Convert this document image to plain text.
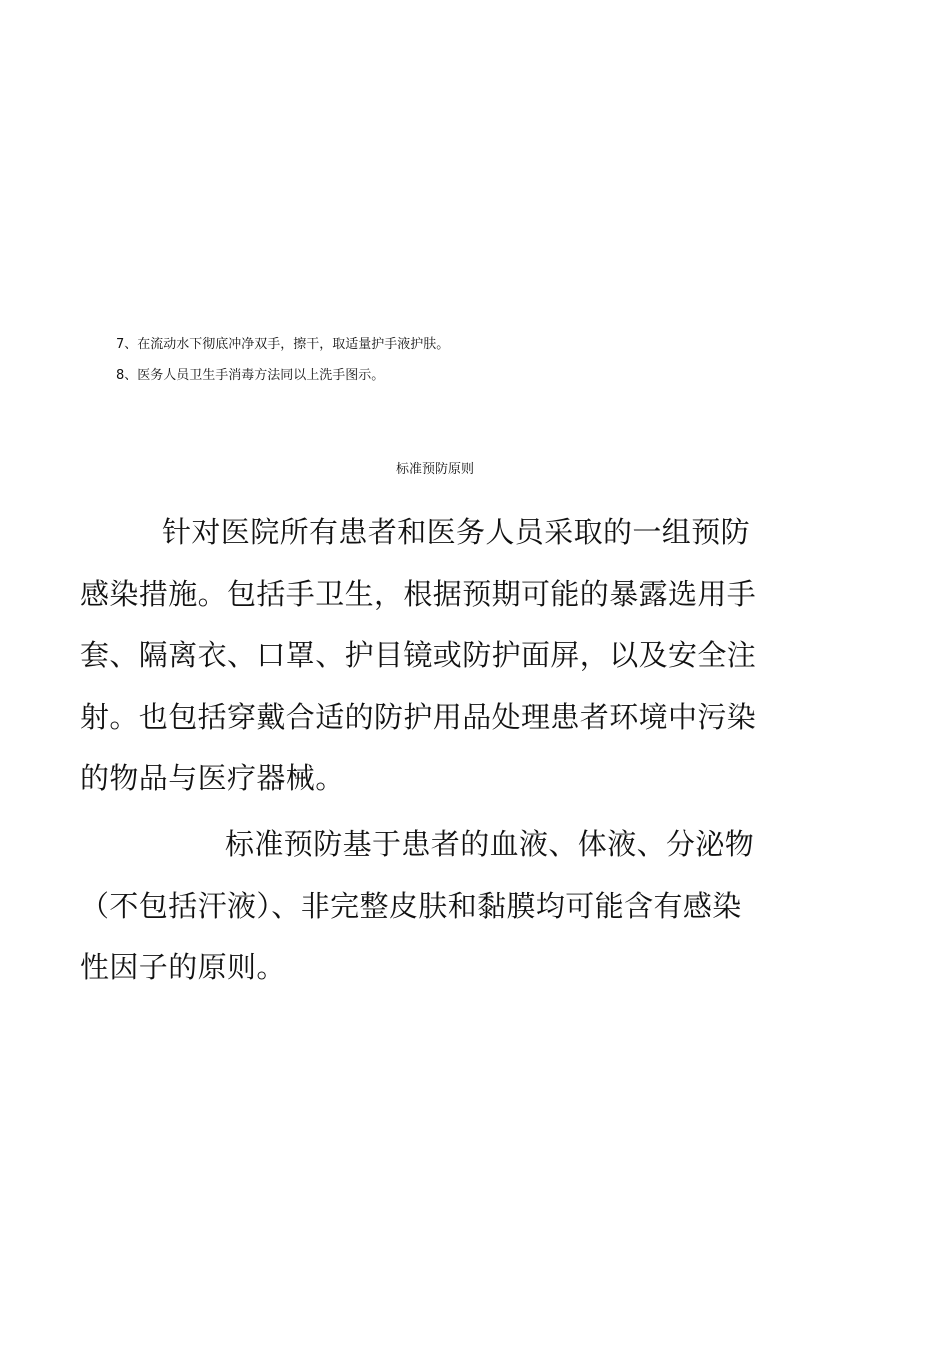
7、在流动水下彻底冲净双手，擦干，取适量护手液护肤。
8、医务人员卫生手消毒方法同以上洗手图示。
标准预防原则

针对医院所有患者和医务人员采取的一组预防感染措施。包括手卫生，根据预期可能的暴露选用手套、隔离衣、口罩、护目镜或防护面屏，以及安全注射。也包括穿戴合适的防护用品处理患者环境中污染的物品与医疗器械。

标准预防基于患者的血液、体液、分泌物（不包括汗液）、非完整皮肤和黏膜均可能含有感染性因子的原则。
